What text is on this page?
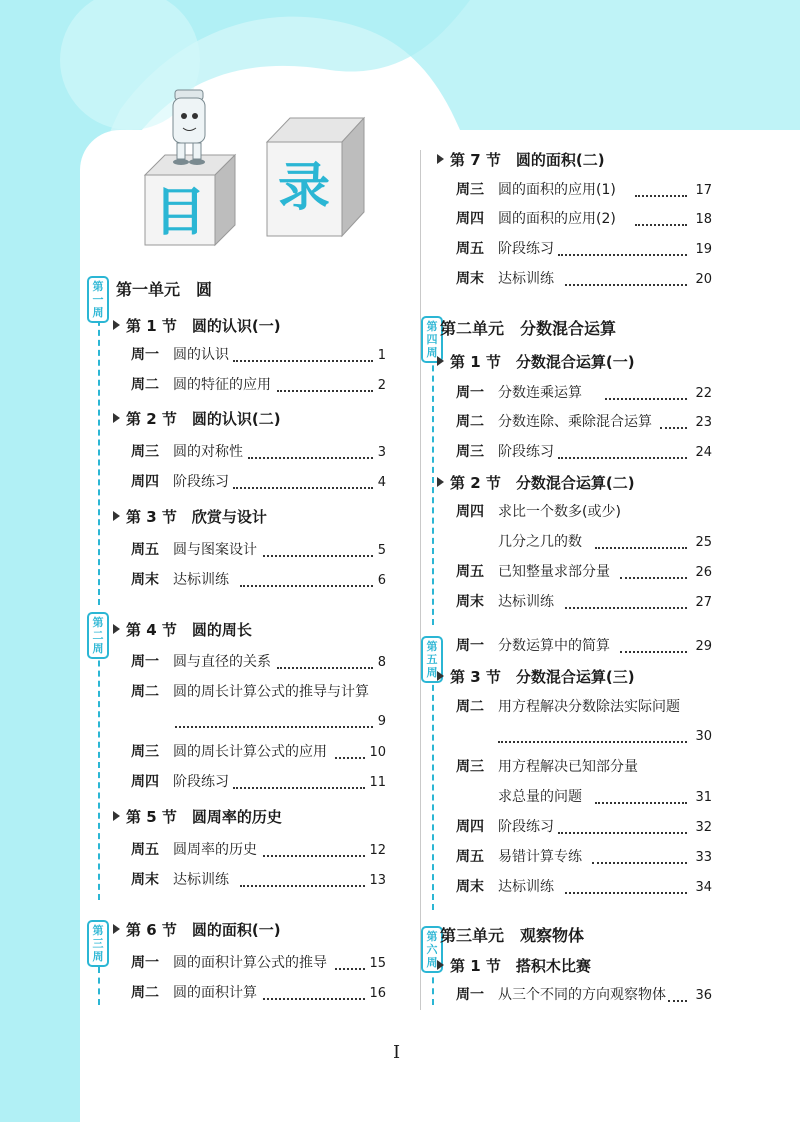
目 录
第
一
周
第
二
周
第
三
周
第
四
周
第
五
周
第
六
周
第一单元　圆
第 1 节　圆的认识(一)
周一　 圆的认识	1
周二　 圆的特征的应用	2
第 2 节　圆的认识(二)
周三　 圆的对称性	3
周四　 阶段练习	4
第 3 节　欣赏与设计
周五　 圆与图案设计	5
周末　 达标训练	6
第 4 节　圆的周长
周一　 圆与直径的关系	8
周二　 圆的周长计算公式的推导与计算
9
周三　 圆的周长计算公式的应用	10
周四　 阶段练习	11
第 5 节　圆周率的历史
周五　 圆周率的历史	12
周末　 达标训练	13
第 6 节　圆的面积(一)
周一　 圆的面积计算公式的推导	15
周二　 圆的面积计算	16
第 7 节　圆的面积(二)
周三　 圆的面积的应用(1)	17
周四　 圆的面积的应用(2)	18
周五　 阶段练习	19
周末　 达标训练	20
第二单元　分数混合运算
第 1 节　分数混合运算(一)
周一　 分数连乘运算	22
周二　 分数连除、乘除混合运算	23
周三　 阶段练习	24
第 2 节　分数混合运算(二)
周四　 求比一个数多(或少)
几分之几的数	25
周五　 已知整量求部分量	26
周末　 达标训练	27
周一　 分数运算中的简算	29
第 3 节　分数混合运算(三)
周二　 用方程解决分数除法实际问题
30
周三　 用方程解决已知部分量
求总量的问题	31
周四　 阶段练习	32
周五　 易错计算专练	33
周末　 达标训练	34
第三单元　观察物体
第 1 节　搭积木比赛
周一　 从三个不同的方向观察物体	36
I
